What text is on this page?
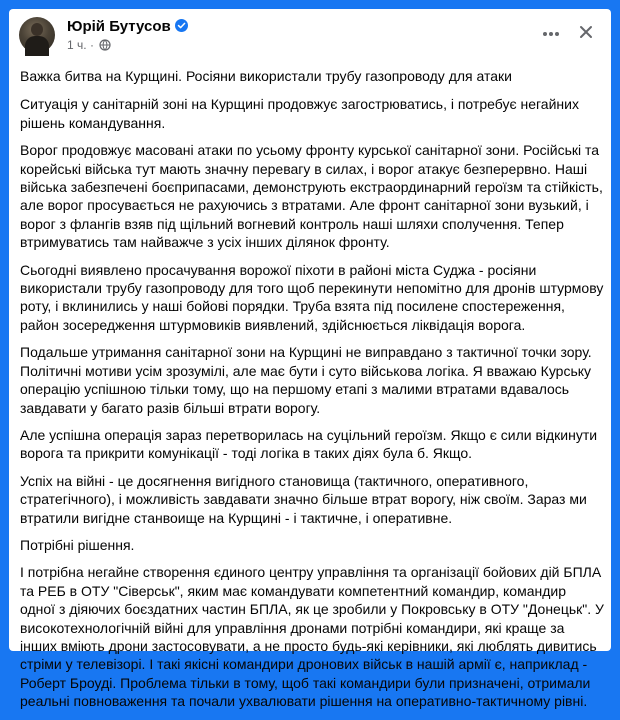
Юрій Бутусов
1 ч. ·

Важка битва на Курщині. Росіяни використали трубу газопроводу для атаки

Ситуація у санітарній зоні на Курщині продовжує загострюватись, і потребує негайних рішень командування.

Ворог продовжує масовані атаки по усьому фронту курської санітарної зони. Російські та корейські війська тут мають значну перевагу в силах, і ворог атакує безперервно. Наші війська забезпечені боєприпасами, демонструють екстраординарний героїзм та стійкість, але ворог просувається не рахуючись з втратами. Але фронт санітарної зони вузький, і ворог з флангів взяв під щільний вогневий контроль наші шляхи сполучення. Тепер втримуватись там найважче з усіх інших ділянок фронту.

Сьогодні виявлено просачування ворожої піхоти в районі міста Суджа - росіяни використали трубу газопроводу для того щоб перекинути непомітно для дронів штурмову роту, і вклинились у наші бойові порядки. Труба взята під посилене спостереження, район зосередження штурмовиків виявлений, здійснюється ліквідація ворога.

Подальше утримання санітарної зони на Курщині не виправдано з тактичної точки зору. Політичні мотиви усім зрозумілі, але має бути і суто військова логіка. Я вважаю Курську операцію успішною тільки тому, що на першому етапі з малими втратами вдавалось завдавати у багато разів більші втрати ворогу.

Але успішна операція зараз перетворилась на суцільний героїзм. Якщо є сили відкинути ворога та прикрити комунікації - тоді логіка в таких діях була б. Якщо.

Успіх на війні - це досягнення вигідного становища (тактичного, оперативного, стратегічного), і можливість завдавати значно більше втрат ворогу, ніж своїм. Зараз ми втратили вигідне станвоище на Курщині - і тактичне, і оперативне.

Потрібні рішення.

І потрібна негайне створення єдиного центру управління та організації бойових дій БПЛА та РЕБ в ОТУ "Сіверськ", яким має командувати компетентний командир, командир одної з діяючих боєздатних частин БПЛА, як це зробили у Покровську в ОТУ "Донецьк". У високотехнологічній війні для управління дронами потрібні командири, які краще за інших вміють дрони застосовувати, а не просто будь-які керівники, які люблять дивитись стріми у телевізорі. І такі якісні командири дронових військ в нашій армії є, наприклад - Роберт Броуді. Проблема тільки в тому, щоб такі командири були призначені, отримали реальні повноваження та почали ухвалювати рішення на оперативно-тактичному рівні.
